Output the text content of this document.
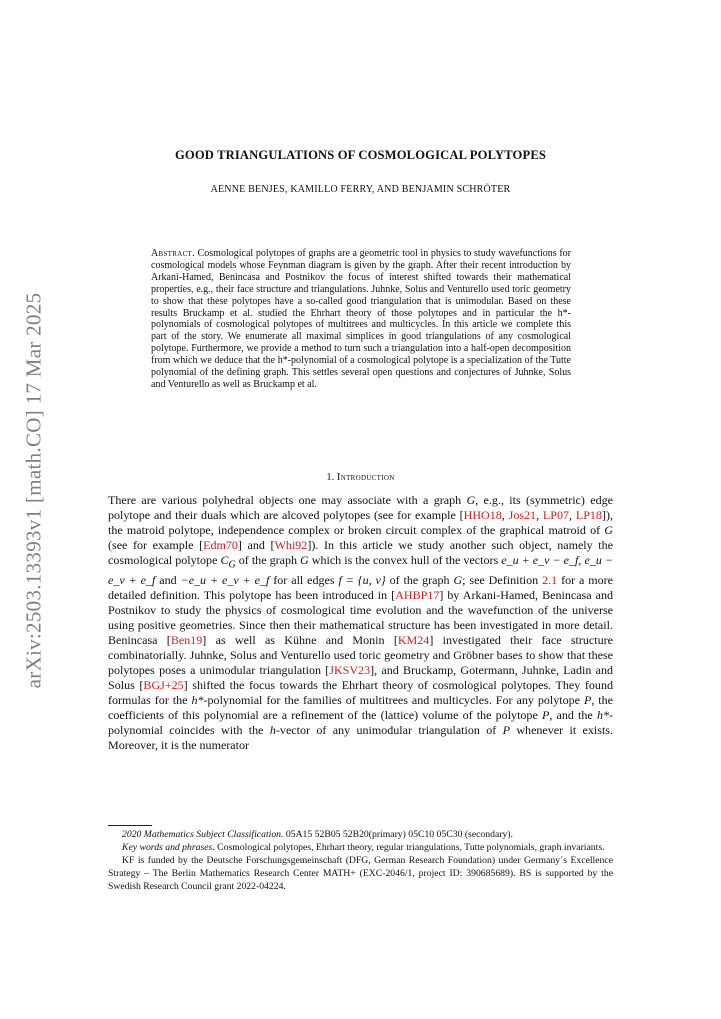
arXiv:2503.13393v1 [math.CO] 17 Mar 2025
GOOD TRIANGULATIONS OF COSMOLOGICAL POLYTOPES
AENNE BENJES, KAMILLO FERRY, AND BENJAMIN SCHRÖTER

Abstract. Cosmological polytopes of graphs are a geometric tool in physics to study wavefunctions for cosmological models whose Feynman diagram is given by the graph. After their recent introduction by Arkani-Hamed, Benincasa and Postnikov the focus of interest shifted towards their mathematical properties, e.g., their face structure and triangulations. Juhnke, Solus and Venturello used toric geometry to show that these polytopes have a so-called good triangulation that is unimodular. Based on these results Bruckamp et al. studied the Ehrhart theory of those polytopes and in particular the h*-polynomials of cosmological polytopes of multitrees and multicycles. In this article we complete this part of the story. We enumerate all maximal simplices in good triangulations of any cosmological polytope. Furthermore, we provide a method to turn such a triangulation into a half-open decomposition from which we deduce that the h*-polynomial of a cosmological polytope is a specialization of the Tutte polynomial of the defining graph. This settles several open questions and conjectures of Juhnke, Solus and Venturello as well as Bruckamp et al.

1. Introduction

There are various polyhedral objects one may associate with a graph G, e.g., its (symmetric) edge polytope and their duals which are alcoved polytopes (see for example [HHO18, Jos21, LP07, LP18]), the matroid polytope, independence complex or broken circuit complex of the graphical matroid of G (see for example [Edm70] and [Whi92]). In this article we study another such object, namely the cosmological polytope $C_G$ of the graph G which is the convex hull of the vectors e_u + e_v − e_f, e_u − e_v + e_f and −e_u + e_v + e_f for all edges f = {u, v} of the graph G; see Definition 2.1 for a more detailed definition. This polytope has been introduced in [AHBP17] by Arkani-Hamed, Benincasa and Postnikov to study the physics of cosmological time evolution and the wavefunction of the universe using positive geometries. Since then their mathematical structure has been investigated in more detail. Benincasa [Ben19] as well as Kühne and Monin [KM24] investigated their face structure combinatorially. Juhnke, Solus and Venturello used toric geometry and Gröbner bases to show that these polytopes poses a unimodular triangulation [JKSV23], and Bruckamp, Gotermann, Juhnke, Ladin and Solus [BGJ+25] shifted the focus towards the Ehrhart theory of cosmological polytopes. They found formulas for the h*-polynomial for the families of multitrees and multicycles. For any polytope P, the coefficients of this polynomial are a refinement of the (lattice) volume of the polytope P, and the h*-polynomial coincides with the h-vector of any unimodular triangulation of P whenever it exists. Moreover, it is the numerator

2020 Mathematics Subject Classification. 05A15 52B05 52B20(primary) 05C10 05C30 (secondary).

Key words and phrases. Cosmological polytopes, Ehrhart theory, regular triangulations, Tutte polynomials, graph invariants.

KF is funded by the Deutsche Forschungsgemeinschaft (DFG, German Research Foundation) under Germany´s Excellence Strategy – The Berlin Mathematics Research Center MATH+ (EXC-2046/1, project ID: 390685689). BS is supported by the Swedish Research Council grant 2022-04224.
